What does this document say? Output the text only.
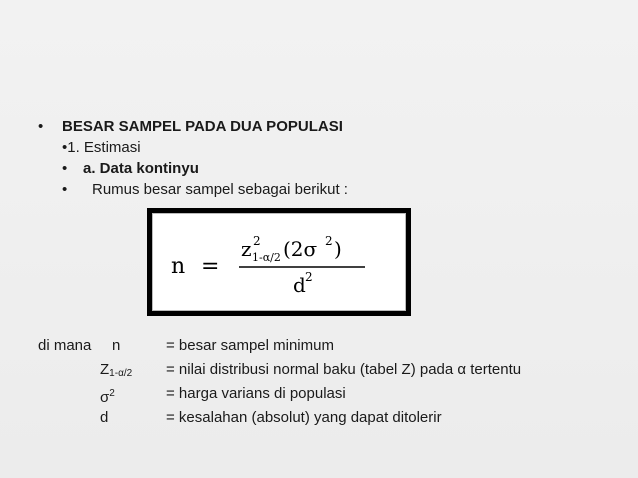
• BESAR SAMPEL PADA DUA POPULASI
•1. Estimasi
• a. Data kontinyu
• Rumus besar sampel sebagai berikut :
n =
z 2
1-α/2 (2σ 2 )
d 2
di mana n	= besar sampel minimum
$Z_{1-\alpha/2}$ = nilai distribusi normal baku (tabel Z) pada α tertentu
$\sigma^2$	= harga varians di populasi
d	= kesalahan (absolut) yang dapat ditolerir
